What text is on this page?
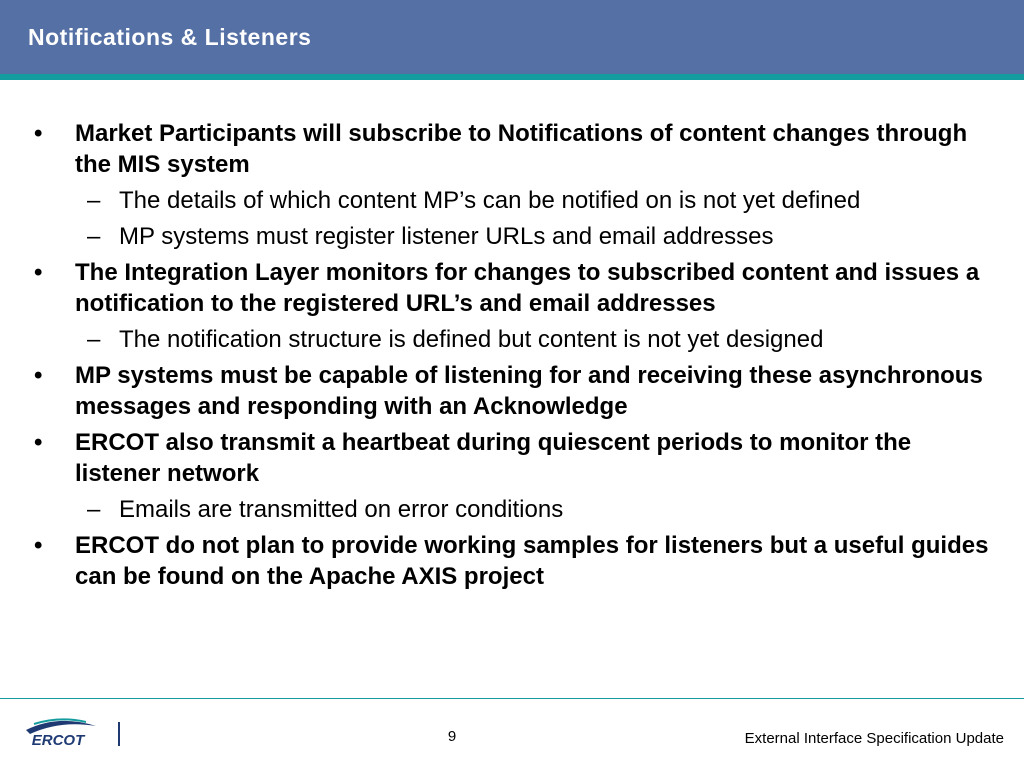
Notifications & Listeners
• Market Participants will subscribe to Notifications of content changes through the MIS system
– The details of which content MP’s can be notified on is not yet defined
– MP systems must register listener URLs and email addresses
• The Integration Layer monitors for changes to subscribed content and issues a notification to the registered URL’s and email addresses
– The notification structure is defined but content is not yet designed
• MP systems must be capable of listening for and receiving these asynchronous messages and responding with an Acknowledge
• ERCOT also transmit a heartbeat during quiescent periods to monitor the listener network
– Emails are transmitted on error conditions
• ERCOT do not plan to provide working samples for listeners but a useful guides can be found on the Apache AXIS project
ERCOT	9	External Interface Specification Update
